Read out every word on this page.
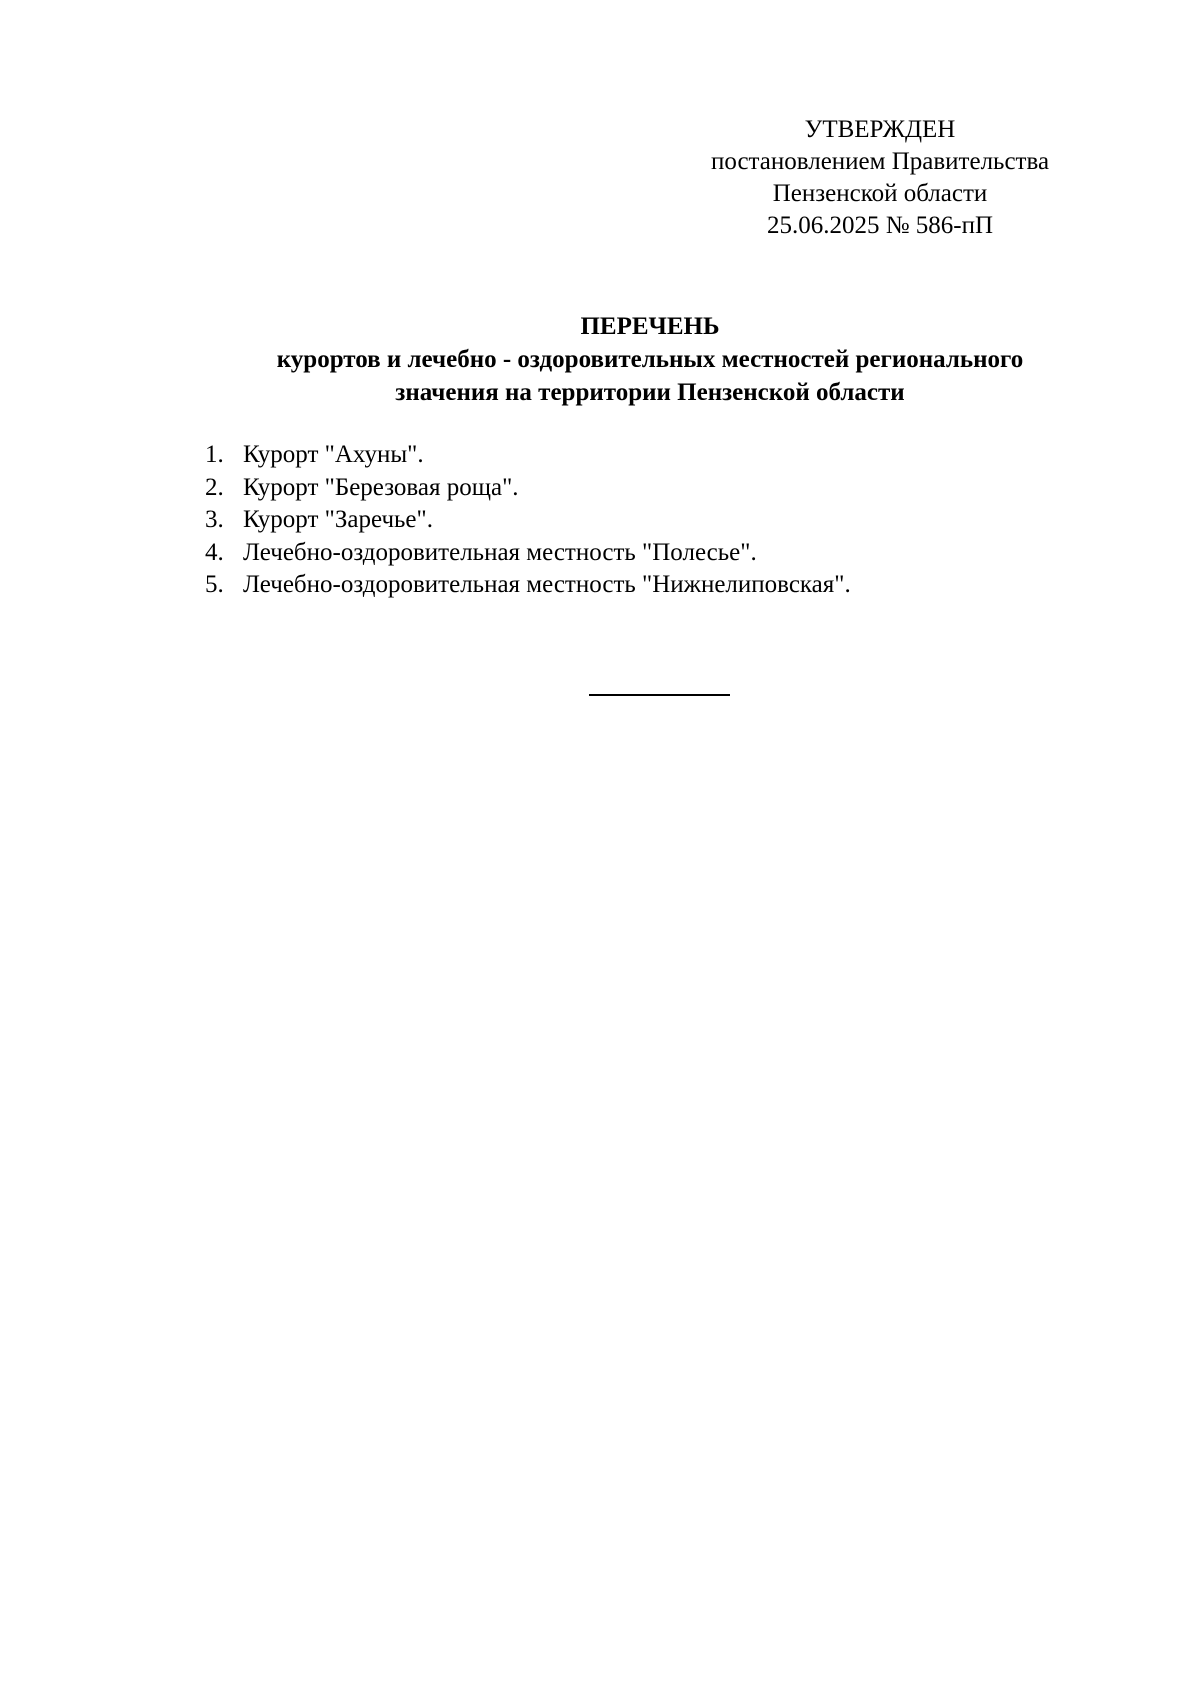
УТВЕРЖДЕН
постановлением Правительства
Пензенской области
25.06.2025 № 586-пП
ПЕРЕЧЕНЬ
курортов и лечебно - оздоровительных местностей регионального
значения на территории Пензенской области
1. Курорт "Ахуны".
2. Курорт "Березовая роща".
3. Курорт "Заречье".
4. Лечебно-оздоровительная местность "Полесье".
5. Лечебно-оздоровительная местность "Нижнелиповская".
